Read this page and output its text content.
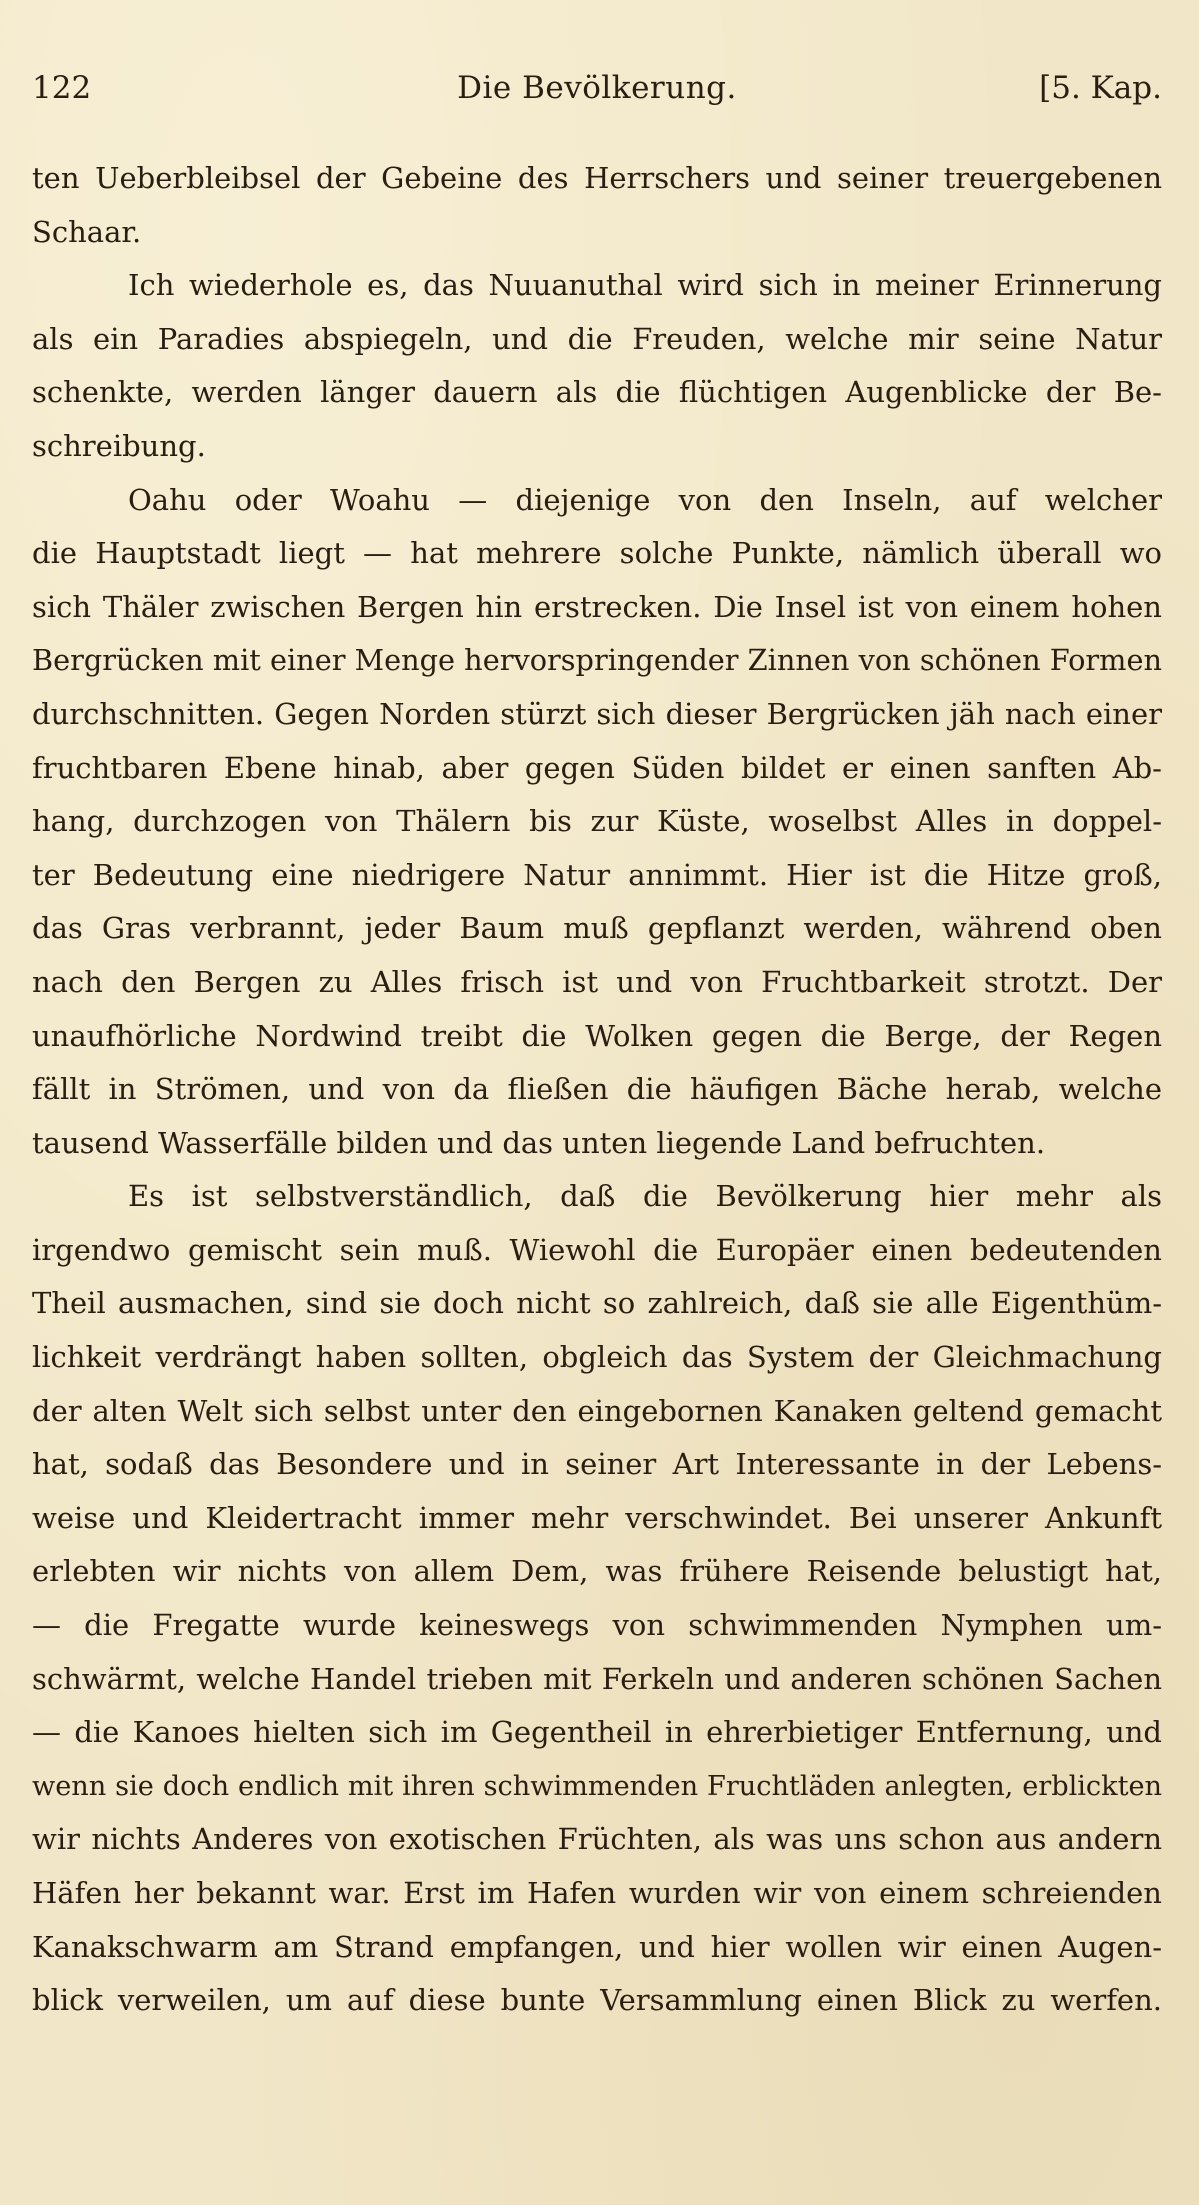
122	Die Bevölkerung.	[5. Kap.
ten Ueberbleibsel der Gebeine des Herrschers und seiner treuergebenen
Schaar.
Ich wiederhole es, das Nuuanuthal wird sich in meiner Erinnerung
als ein Paradies abspiegeln, und die Freuden, welche mir seine Natur
schenkte, werden länger dauern als die flüchtigen Augenblicke der Be-
schreibung.
Oahu oder Woahu — diejenige von den Inseln, auf welcher
die Hauptstadt liegt — hat mehrere solche Punkte, nämlich überall wo
sich Thäler zwischen Bergen hin erstrecken. Die Insel ist von einem hohen
Bergrücken mit einer Menge hervorspringender Zinnen von schönen Formen
durchschnitten. Gegen Norden stürzt sich dieser Bergrücken jäh nach einer
fruchtbaren Ebene hinab, aber gegen Süden bildet er einen sanften Ab-
hang, durchzogen von Thälern bis zur Küste, woselbst Alles in doppel-
ter Bedeutung eine niedrigere Natur annimmt. Hier ist die Hitze groß,
das Gras verbrannt, jeder Baum muß gepflanzt werden, während oben
nach den Bergen zu Alles frisch ist und von Fruchtbarkeit strotzt. Der
unaufhörliche Nordwind treibt die Wolken gegen die Berge, der Regen
fällt in Strömen, und von da fließen die häufigen Bäche herab, welche
tausend Wasserfälle bilden und das unten liegende Land befruchten.
Es ist selbstverständlich, daß die Bevölkerung hier mehr als
irgendwo gemischt sein muß. Wiewohl die Europäer einen bedeutenden
Theil ausmachen, sind sie doch nicht so zahlreich, daß sie alle Eigenthüm-
lichkeit verdrängt haben sollten, obgleich das System der Gleichmachung
der alten Welt sich selbst unter den eingebornen Kanaken geltend gemacht
hat, sodaß das Besondere und in seiner Art Interessante in der Lebens-
weise und Kleidertracht immer mehr verschwindet. Bei unserer Ankunft
erlebten wir nichts von allem Dem, was frühere Reisende belustigt hat,
— die Fregatte wurde keineswegs von schwimmenden Nymphen um-
schwärmt, welche Handel trieben mit Ferkeln und anderen schönen Sachen
— die Kanoes hielten sich im Gegentheil in ehrerbietiger Entfernung, und
wenn sie doch endlich mit ihren schwimmenden Fruchtläden anlegten, erblickten
wir nichts Anderes von exotischen Früchten, als was uns schon aus andern
Häfen her bekannt war. Erst im Hafen wurden wir von einem schreienden
Kanakschwarm am Strand empfangen, und hier wollen wir einen Augen-
blick verweilen, um auf diese bunte Versammlung einen Blick zu werfen.
